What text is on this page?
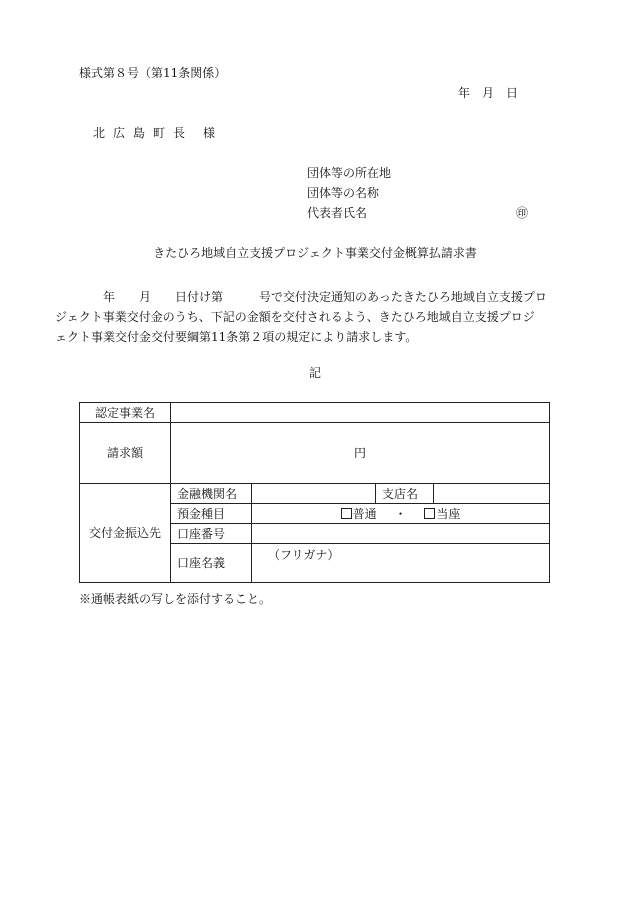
様式第８号（第11条関係）
年　月　日
北広島町長 様
団体等の所在地
団体等の名称
代表者氏名	㊞
きたひろ地域自立支援プロジェクト事業交付金概算払請求書
年 月 日付け第	号で交付決定通知のあったきたひろ地域自立支援プロ
ジェクト事業交付金のうち、下記の金額を交付されるよう、きたひろ地域自立支援プロジ
ェクト事業交付金交付要綱第11条第２項の規定により請求します。
記
認定事業名				
請求額	円			
交付金振込先	金融機関名		支店名	
	預金種目	普通 ・ 当座		
	口座番号			
	口座名義	（フリガナ）		
※通帳表紙の写しを添付すること。
